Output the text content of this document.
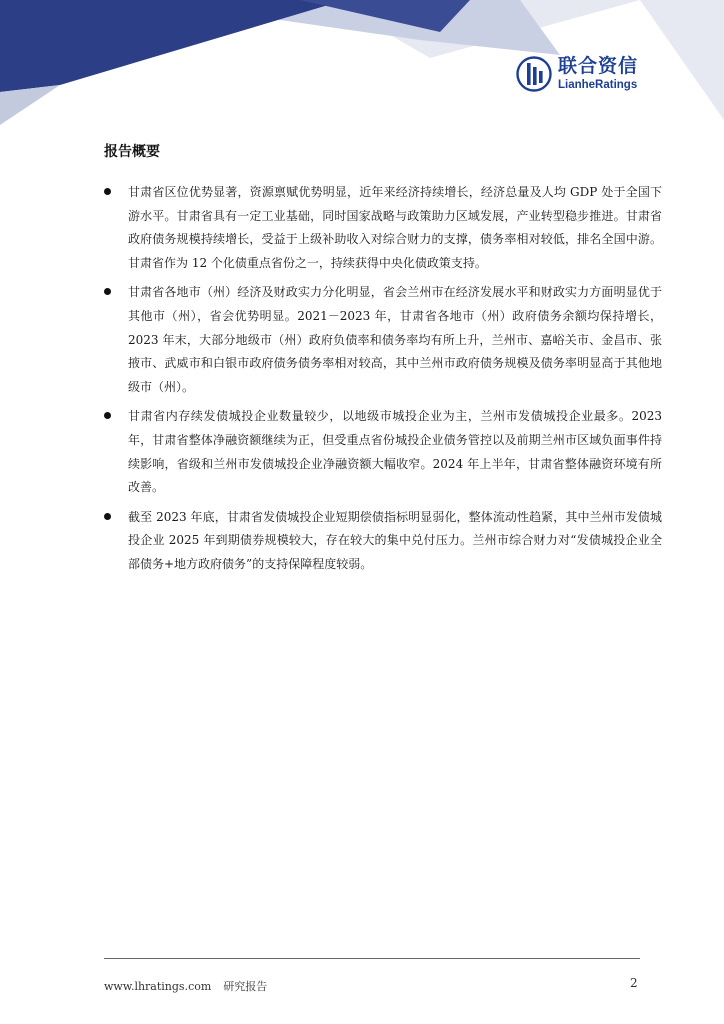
联合资信
LianheRatings
报告概要

甘肃省区位优势显著，资源禀赋优势明显，近年来经济持续增长，经济总量及人均 GDP 处于全国下游水平。甘肃省具有一定工业基础，同时国家战略与政策助力区域发展，产业转型稳步推进。甘肃省政府债务规模持续增长，受益于上级补助收入对综合财力的支撑，债务率相对较低，排名全国中游。甘肃省作为 12 个化债重点省份之一，持续获得中央化债政策支持。

甘肃省各地市（州）经济及财政实力分化明显，省会兰州市在经济发展水平和财政实力方面明显优于其他市（州），省会优势明显。2021－2023 年，甘肃省各地市（州）政府债务余额均保持增长，2023 年末，大部分地级市（州）政府负债率和债务率均有所上升，兰州市、嘉峪关市、金昌市、张掖市、武威市和白银市政府债务债务率相对较高，其中兰州市政府债务规模及债务率明显高于其他地级市（州）。

甘肃省内存续发债城投企业数量较少，以地级市城投企业为主，兰州市发债城投企业最多。2023 年，甘肃省整体净融资额继续为正，但受重点省份城投企业债务管控以及前期兰州市区域负面事件持续影响，省级和兰州市发债城投企业净融资额大幅收窄。2024 年上半年，甘肃省整体融资环境有所改善。

截至 2023 年底，甘肃省发债城投企业短期偿债指标明显弱化，整体流动性趋紧，其中兰州市发债城投企业 2025 年到期债券规模较大，存在较大的集中兑付压力。兰州市综合财力对“发债城投企业全部债务+地方政府债务”的支持保障程度较弱。

www.lhratings.com 研究报告	2
